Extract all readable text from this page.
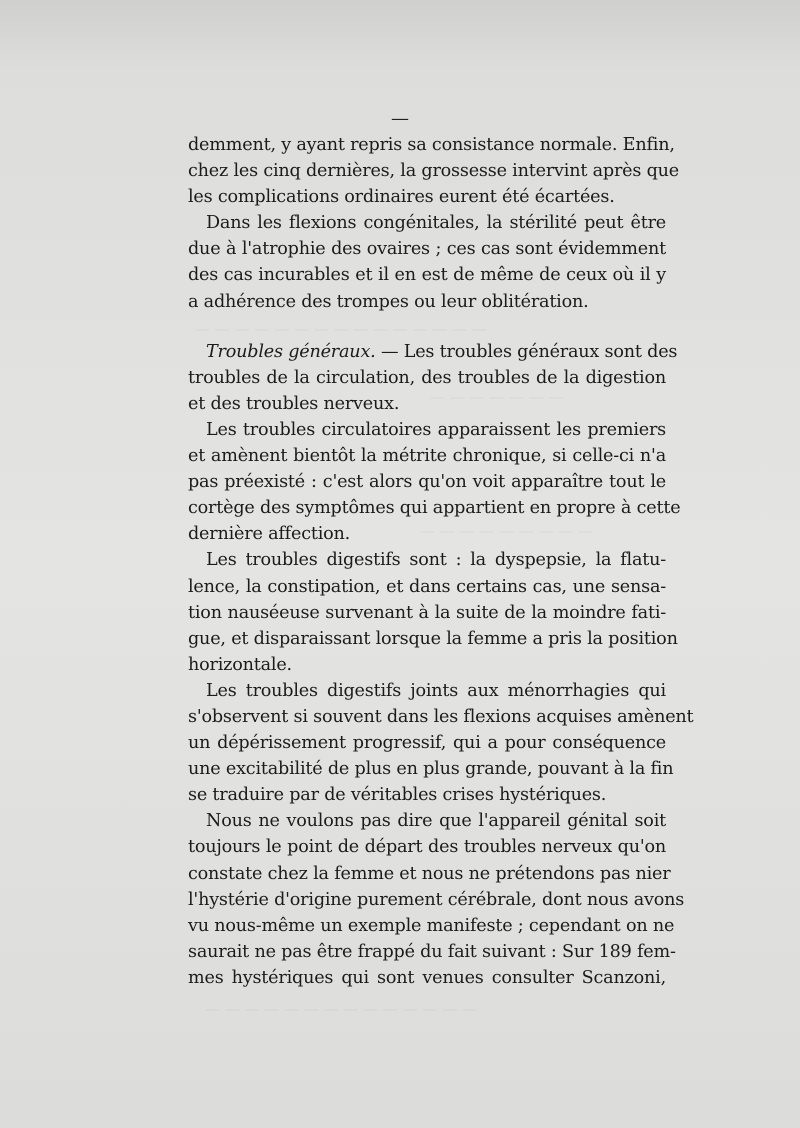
— — — — — — — — — — — — — — —
— — — — — — —
— — — — — — — — —
— — — — — — — — — — — — — —
—
demment, y ayant repris sa consistance normale. Enfin,
chez les cinq dernières, la grossesse intervint après que
les complications ordinaires eurent été écartées.
Dans les flexions congénitales, la stérilité peut être
due à l'atrophie des ovaires ; ces cas sont évidemment
des cas incurables et il en est de même de ceux où il y
a adhérence des trompes ou leur oblitération.
Troubles généraux. — Les troubles généraux sont des
troubles de la circulation, des troubles de la digestion
et des troubles nerveux.
Les troubles circulatoires apparaissent les premiers
et amènent bientôt la métrite chronique, si celle-ci n'a
pas préexisté : c'est alors qu'on voit apparaître tout le
cortège des symptômes qui appartient en propre à cette
dernière affection.
Les troubles digestifs sont : la dyspepsie, la flatu-
lence, la constipation, et dans certains cas, une sensa-
tion nauséeuse survenant à la suite de la moindre fati-
gue, et disparaissant lorsque la femme a pris la position
horizontale.
Les troubles digestifs joints aux ménorrhagies qui
s'observent si souvent dans les flexions acquises amènent
un dépérissement progressif, qui a pour conséquence
une excitabilité de plus en plus grande, pouvant à la fin
se traduire par de véritables crises hystériques.
Nous ne voulons pas dire que l'appareil génital soit
toujours le point de départ des troubles nerveux qu'on
constate chez la femme et nous ne prétendons pas nier
l'hystérie d'origine purement cérébrale, dont nous avons
vu nous-même un exemple manifeste ; cependant on ne
saurait ne pas être frappé du fait suivant : Sur 189 fem-
mes hystériques qui sont venues consulter Scanzoni,
